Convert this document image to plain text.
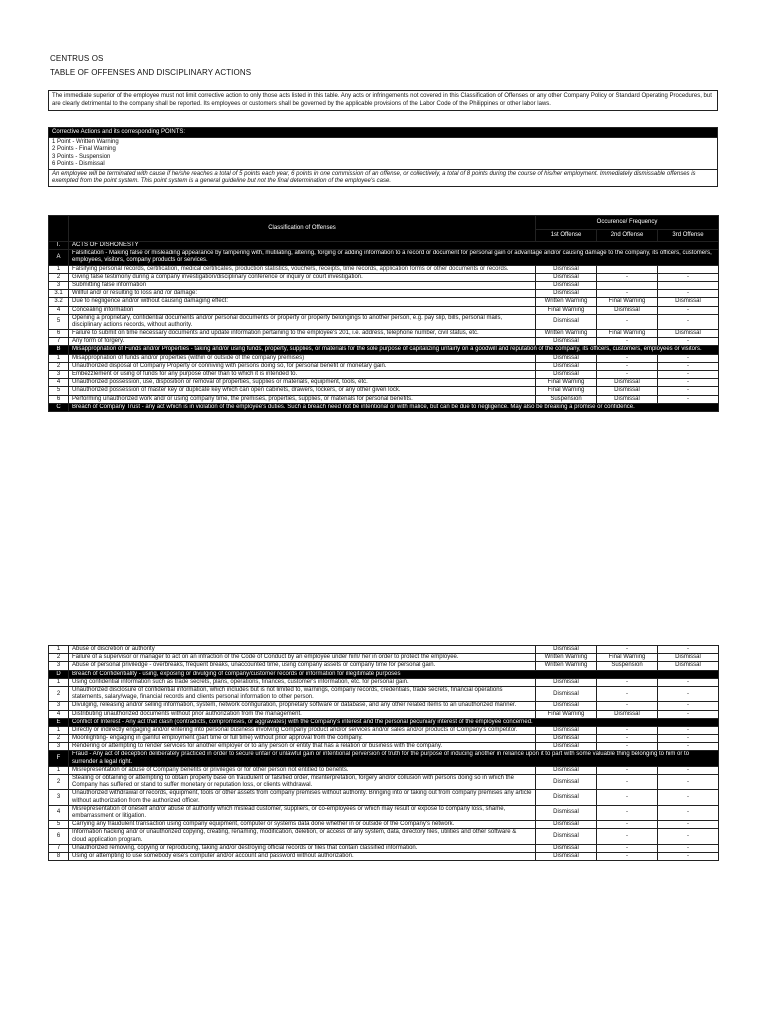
CENTRUS OS
TABLE OF OFFENSES AND DISCIPLINARY ACTIONS
The immediate superior of the employee must not limit corrective action to only those acts listed in this table. Any acts or infringements not covered in this Classification of Offenses or any other Company Policy or Standard Operating Procedures, but are clearly detrimental to the company shall be reported. Its employees or customers shall be governed by the applicable provisions of the Labor Code of the Philippines or other labor laws.
Corrective Actions and its corresponding POINTS:

1 Point - Written Warning
2 Points - Final Warning
3 Points - Suspension
6 Points - Dismissal

An employee will be terminated with cause if he/she reaches a total of 5 points each year, 6 points in one commission of an offense, or collectively, a total of 8 points during the course of his/her employment. Immediately dismissable offenses is exempted from the point system. This point system is a general guideline but not the final determination of the employee's case.
	Classification of Offenses	Occurence/ Frequency		
		1st Offense	2nd Offense	3rd Offense
I.	ACTS OF DISHONESTY			
A	Falsification - Making false or misleading appearance by tampering with, mutilating, altering, forging or adding information to a record or document for personal gain or advantage and/or causing damage to the company, its officers, customers, employees, visitors, company products or services.			
1	Falsifying personal records, certification, medical certificates, production statistics, vouchers, receipts, time records, application forms or other documents or records.	Dismissal		
2	Giving false testimony during a company investigation/disciplinary conference or inquiry or court investigation.	Dismissal	-	-
3	Submitting false information	Dismissal		
3.1	Willful and/ or resulting to loss and /or damage:	Dismissal	-	-
3.2	Due to negligence and/or without causing damaging effect:	Written Warning	Final Warning	Dismissal
4	Concealing information	Final Warning	Dismissal	-
5	Opening a proprietary, confidential documents and/or personal documents or property or property belongings to another person, e.g. pay slip, bills, personal mails, disciplinary actions records, without authority.	Dismissal	-	-
6	Failure to submit on time necessary documents and update information pertaining to the employee's 201, i.e. address, telephone number, civil status, etc.	Written Warning	Final Warning	Dismissal
7	Any form of forgery.	Dismissal	-	-
B	Misappropriation of Funds and/or Properties - taking and/or using funds, property, supplies, or materials for the sole purpose of capitalizing unfairly on a goodwill and reputation of the company, its officers, customers, employees or visitors.			
1	Misappropriation of funds and/or properties (within or outside of the company premises)	Dismissal	-	-
2	Unauthorized disposal of Company Property or conniving with persons doing so, for personal benefit or monetary gain.	Dismissal	-	-
3	Embezzlement or using of funds for any purpose other than to which it is intended to.	Dismissal	-	-
4	Unauthorized possession, use, disposition or removal of properties, supplies or materials, equipment, tools, etc.	Final Warning	Dismissal	-
5	Unauthorized possession of master key or duplicate key which can open cabinets, drawers, lockers, or any other given lock.	Final Warning	Dismissal	-
6	Performing unauthorized work and/ or using company time, the premises, properties, supplies, or materials for personal benefits.	Suspension	Dismissal	-
C	Breach of Company Trust - any act which is in violation of the employee's duties. Such a breach need not be intentional or with malice, but can be due to negligence. May also be breaking a promise or confidence.			
1	Abuse of discretion or authority	Dismissal	-	-
2	Failure of a supervisor or manager to act on an infraction of the Code of Conduct by an employee under him/ her in order to protect the employee.	Written Warning	Final Warning	Dismissal
3	Abuse of personal priviledge - overbreaks, frequent breaks, unaccounted time, using company assets or company time for personal gain.	Written Warning	Suspension	Dismissal
D	Breach of Confidentiality - using, exposing or divulging of company/customer records or information for illegitimate purposes			
1	Using confidential information such as trade secrets, plans, operations, finances, customer's information, etc. for personal gain.	Dismissal	-	-
2	Unauthorized disclosure of confidential information, which includes but is not limited to, warnings, company records, credentials, trade secrets, financial operations statements, salary/wage, financial records and clients personal information to other person.	Dismissal	-	-
3	Divulging, releasing and/or selling information, system, network configuration, proprietary software or database, and any other related items to an unauthorized manner.	Dismissal	-	-
4	Distributing unauthorized documents without prior authorization from the management.	Final Warning	Dismissal	-
E	Conflict of Interest - Any act that clash (contradicts, compromises, or aggravates) with the Company's interest and the personal pecuniary interest of the employee concerned.			
1	Directly or indirectly engaging and/or entering into personal business involving Company product and/or services and/or sales and/or products of Company's competitor.	Dismissal	-	-
2	Moonlighting- engaging in gainful employment (part time or full time) without prior approval from the company.	Dismissal	-	-
3	Rendering or attempting to render services for another employer or to any person or entity that has a relation or business with the company.	Dismissal	-	-
F	Fraud - Any act of deception deliberately practiced in order to secure unfair or unlawful gain or intentional perversion of truth for the purpose of inducing another in reliance upon it to part with some valuable thing belonging to him or to surrender a legal right.			
1	Misrepresentation or abuse of Company benefits or privileges or for other person not entitled to benefits.	Dismissal	-	-
2	Stealing or obtaining or attempting to obtain property base on fraudulent or falsified order, misinterpretation, forgery and/or collusion with persons doing so in which the Company has suffered or stand to suffer monetary or reputation loss, or clients withdrawal.	Dismissal	-	-
3	Unauthorized withdrawal of records, equipment, tools or other assets from company premises without authority. Bringing into or taking out from company premises any article without authorization from the authorized officer.	Dismissal	-	-
4	Misrepresentation of oneself and/or abuse of authority which mislead customer, suppliers, or co-employees or which may result or expose to company loss, shame, embarrassment or litigation.	Dismissal	-	-
5	Carrying any fraudulent transaction using company equipment, computer or systems data done whether in or outside of the Company's network.	Dismissal	-	-
6	Information hacking and/ or unauthorized copying, creating, renaming, modification, deletion, or access of any system, data, directory files, utilities and other software & cloud application program.	Dismissal	-	-
7	Unauthorized removing, copying or reproducing, taking and/or destroying official records or files that contain classified information.	Dismissal	-	-
8	Using or attempting to use somebody else's computer and/or account and password without authorization.	Dismissal	-	-
